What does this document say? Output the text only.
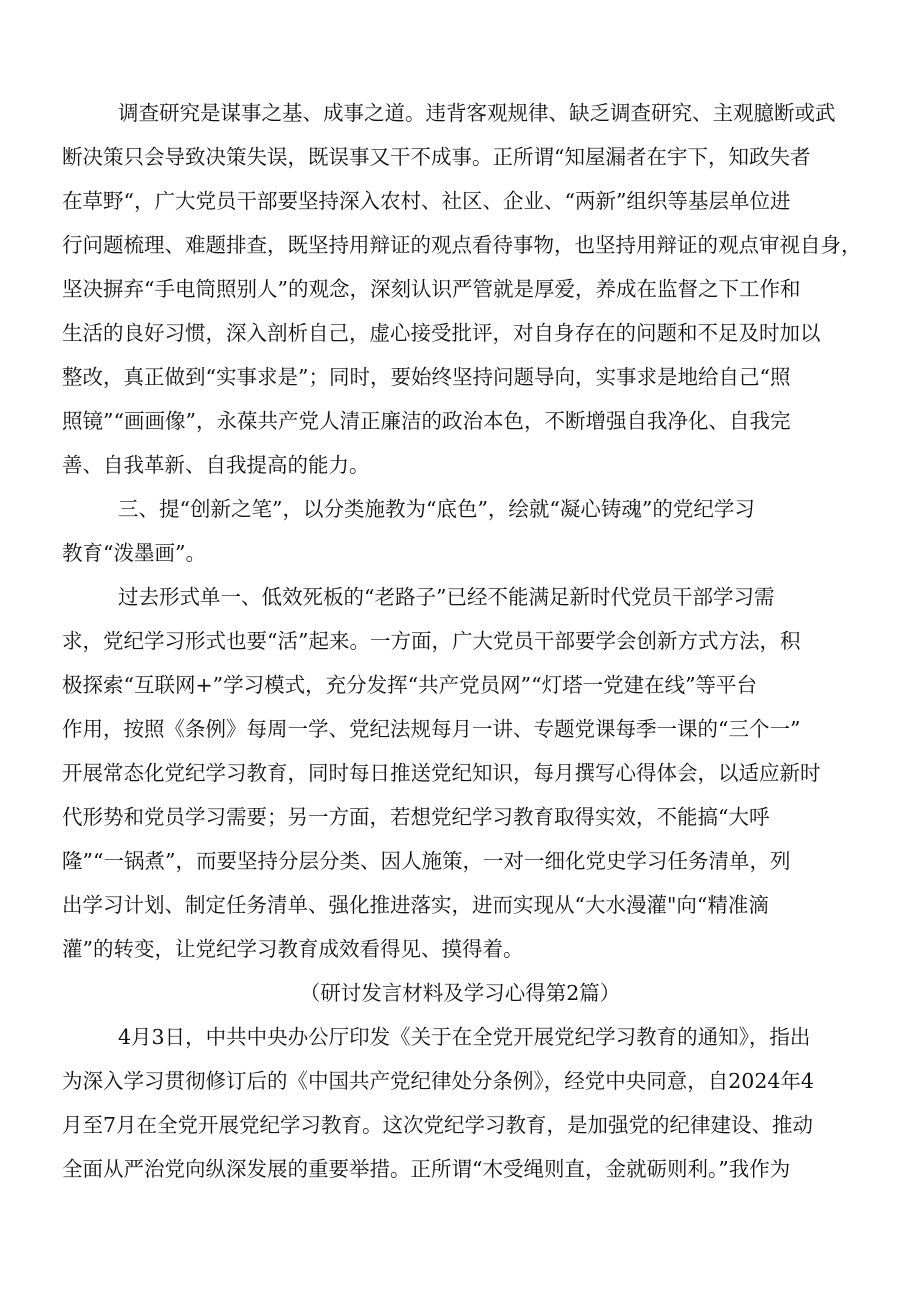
调查研究是谋事之基、成事之道。违背客观规律、缺乏调查研究、主观臆断或武
断决策只会导致决策失误，既误事又干不成事。正所谓“知屋漏者在宇下，知政失者
在草野“，广大党员干部要坚持深入农村、社区、企业、“两新”组织等基层单位进
行问题梳理、难题排查，既坚持用辩证的观点看待事物，也坚持用辩证的观点审视自身，
坚决摒弃“手电筒照别人”的观念，深刻认识严管就是厚爱，养成在监督之下工作和
生活的良好习惯，深入剖析自己，虚心接受批评，对自身存在的问题和不足及时加以
整改，真正做到“实事求是”；同时，要始终坚持问题导向，实事求是地给自己“照
照镜”“画画像”，永葆共产党人清正廉洁的政治本色，不断增强自我净化、自我完
善、自我革新、自我提高的能力。
三、提“创新之笔”，以分类施教为“底色”，绘就“凝心铸魂”的党纪学习
教育“泼墨画”。
过去形式单一、低效死板的“老路子”已经不能满足新时代党员干部学习需
求，党纪学习形式也要“活”起来。一方面，广大党员干部要学会创新方式方法，积
极探索“互联网+”学习模式，充分发挥“共产党员网”“灯塔一党建在线”等平台
作用，按照《条例》每周一学、党纪法规每月一讲、专题党课每季一课的“三个一”
开展常态化党纪学习教育，同时每日推送党纪知识，每月撰写心得体会，以适应新时
代形势和党员学习需要；另一方面，若想党纪学习教育取得实效，不能搞“大呼
隆”“一锅煮”，而要坚持分层分类、因人施策，一对一细化党史学习任务清单，列
出学习计划、制定任务清单、强化推进落实，进而实现从“大水漫灌"向“精准滴
灌”的转变，让党纪学习教育成效看得见、摸得着。
（研讨发言材料及学习心得第2篇）
4月3日，中共中央办公厅印发《关于在全党开展党纪学习教育的通知》，指出
为深入学习贯彻修订后的《中国共产党纪律处分条例》，经党中央同意，自2024年4
月至7月在全党开展党纪学习教育。这次党纪学习教育，是加强党的纪律建设、推动
全面从严治党向纵深发展的重要举措。正所谓“木受绳则直，金就砺则利。”我作为
